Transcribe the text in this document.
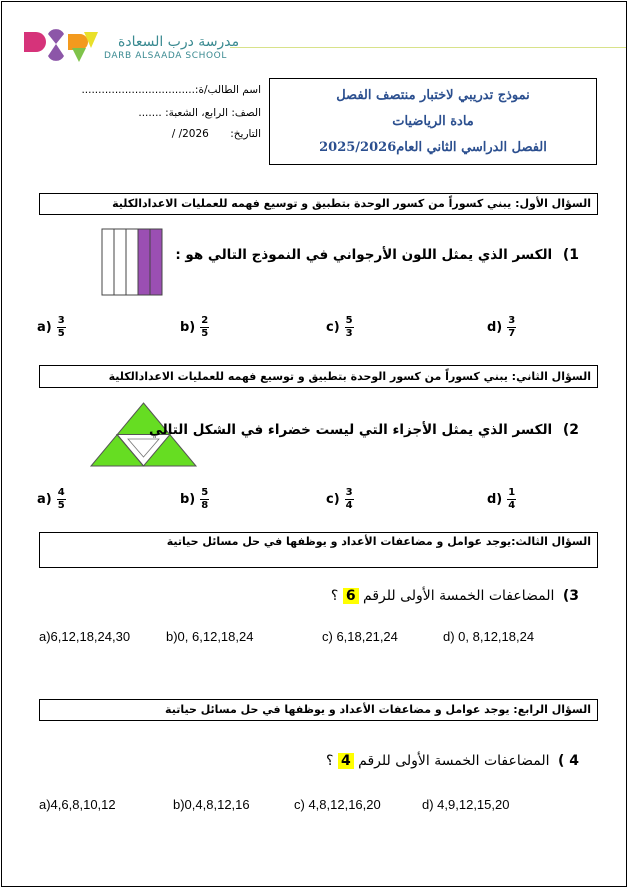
مدرسة درب السعادة
DARB ALSAADA SCHOOL
نموذج تدريبي لاختبار منتصف الفصل
مادة الرياضيات
الفصل الدراسي الثاني العام2025/2026
اسم الطالب/ة:..................................
الصف: الرابع، الشعبة: .......
التاريخ: 2026/ /
السؤال الأول: يبني كسوراً من كسور الوحدة بتطبيق و توسيع فهمه للعمليات الاعدادالكلية
1) الكسر الذي يمثل اللون الأرجواني في النموذج التالي هو :
$a) \frac{3}{5}$	$b) \frac{2}{5}$	$c) \frac{5}{3}$	$d) \frac{3}{7}$
السؤال الثاني: يبني كسوراً من كسور الوحدة بتطبيق و توسيع فهمه للعمليات الاعدادالكلية
2) الكسر الذي يمثل الأجزاء التي ليست خضراء في الشكل التالي
$a) \frac{4}{5}$	$b) \frac{5}{8}$	$c) \frac{3}{4}$	$d) \frac{1}{4}$
السؤال الثالث:يوجد عوامل و مضاعفات الأعداد و يوظفها في حل مسائل حياتية
3) المضاعفات الخمسة الأولى للرقم 6 ؟
a)6,12,18,24,30	b)0, 6,12,18,24	c) 6,18,21,24	d) 0, 8,12,18,24
السؤال الرابع: يوجد عوامل و مضاعفات الأعداد و يوظفها في حل مسائل حياتية
4 ) المضاعفات الخمسة الأولى للرقم 4 ؟
a)4,6,8,10,12	b)0,4,8,12,16	c) 4,8,12,16,20	d) 4,9,12,15,20
